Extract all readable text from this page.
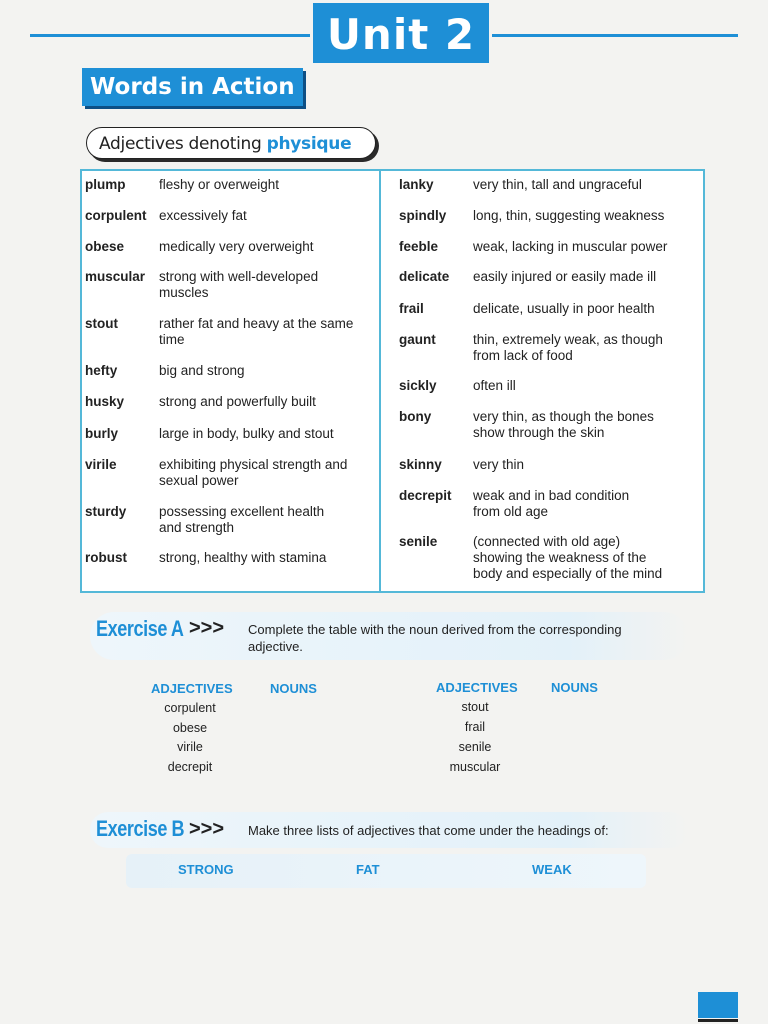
Unit 2
Words in Action
Adjectives denoting physique
plump fleshy or overweight
corpulent excessively fat
obese	medically very overweight
muscular strong with well-developed
muscles
stout	rather fat and heavy at the same
time
hefty	big and strong
husky	strong and powerfully built
burly	large in body, bulky and stout
virile	exhibiting physical strength and
sexual power
sturdy possessing excellent health
and strength
robust strong, healthy with stamina
lanky	very thin, tall and ungraceful
spindly long, thin, suggesting weakness
feeble	weak, lacking in muscular power
delicate easily injured or easily made ill
frail	delicate, usually in poor health
gaunt	thin, extremely weak, as though
from lack of food
sickly	often ill
bony	very thin, as though the bones
show through the skin
skinny very thin
decrepit weak and in bad condition
from old age
senile	(connected with old age)
showing the weakness of the
body and especially of the mind
Exercise A >>> Complete the table with the noun derived from the corresponding adjective.
ADJECTIVES	NOUNS	ADJECTIVES	NOUNS
corpulent
obese
virile
decrepit
stout
frail
senile
muscular
Exercise B >>> Make three lists of adjectives that come under the headings of:
STRONG	FAT	WEAK
